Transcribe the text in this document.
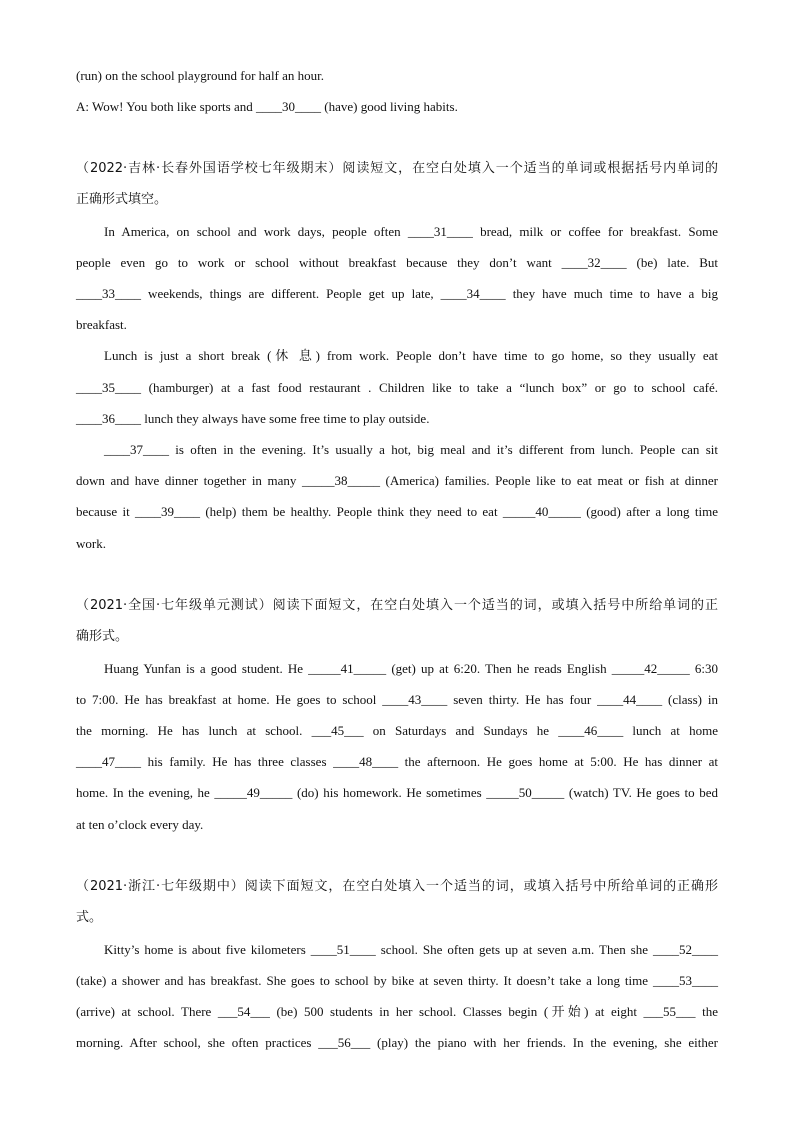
(run) on the school playground for half an hour.

A: Wow! You both like sports and ____30____ (have) good living habits.

（2022·吉林·长春外国语学校七年级期末）阅读短文，在空白处填入一个适当的单词或根据括号内单词的

正确形式填空。

In America, on school and work days, people often ____31____ bread, milk or coffee for breakfast. Some

people even go to work or school without breakfast because they don’t want ____32____ (be) late. But

____33____ weekends, things are different. People get up late, ____34____ they have much time to have a big

breakfast.

Lunch is just a short break (休 息) from work. People don’t have time to go home, so they usually eat

____35____ (hamburger) at a fast food restaurant . Children like to take a “lunch box” or go to school café.

____36____ lunch they always have some free time to play outside.

____37____ is often in the evening. It’s usually a hot, big meal and it’s different from lunch. People can sit

down and have dinner together in many _____38_____ (America) families. People like to eat meat or fish at dinner

because it ____39____ (help) them be healthy. People think they need to eat _____40_____ (good) after a long time

work.

（2021·全国·七年级单元测试）阅读下面短文，在空白处填入一个适当的词，或填入括号中所给单词的正

确形式。

Huang Yunfan is a good student. He _____41_____ (get) up at 6:20. Then he reads English _____42_____ 6:30

to 7:00. He has breakfast at home. He goes to school ____43____ seven thirty. He has four ____44____ (class) in

the morning. He has lunch at school. ___45___ on Saturdays and Sundays he ____46____ lunch at home

____47____ his family. He has three classes ____48____ the afternoon. He goes home at 5:00. He has dinner at

home. In the evening, he _____49_____ (do) his homework. He sometimes _____50_____ (watch) TV. He goes to bed

at ten o’clock every day.

（2021·浙江·七年级期中）阅读下面短文，在空白处填入一个适当的词，或填入括号中所给单词的正确形

式。

Kitty’s home is about five kilometers ____51____ school. She often gets up at seven a.m. Then she ____52____

(take) a shower and has breakfast. She goes to school by bike at seven thirty. It doesn’t take a long time ____53____

(arrive) at school. There ___54___ (be) 500 students in her school. Classes begin (开始) at eight ___55___ the

morning. After school, she often practices ___56___ (play) the piano with her friends. In the evening, she either
